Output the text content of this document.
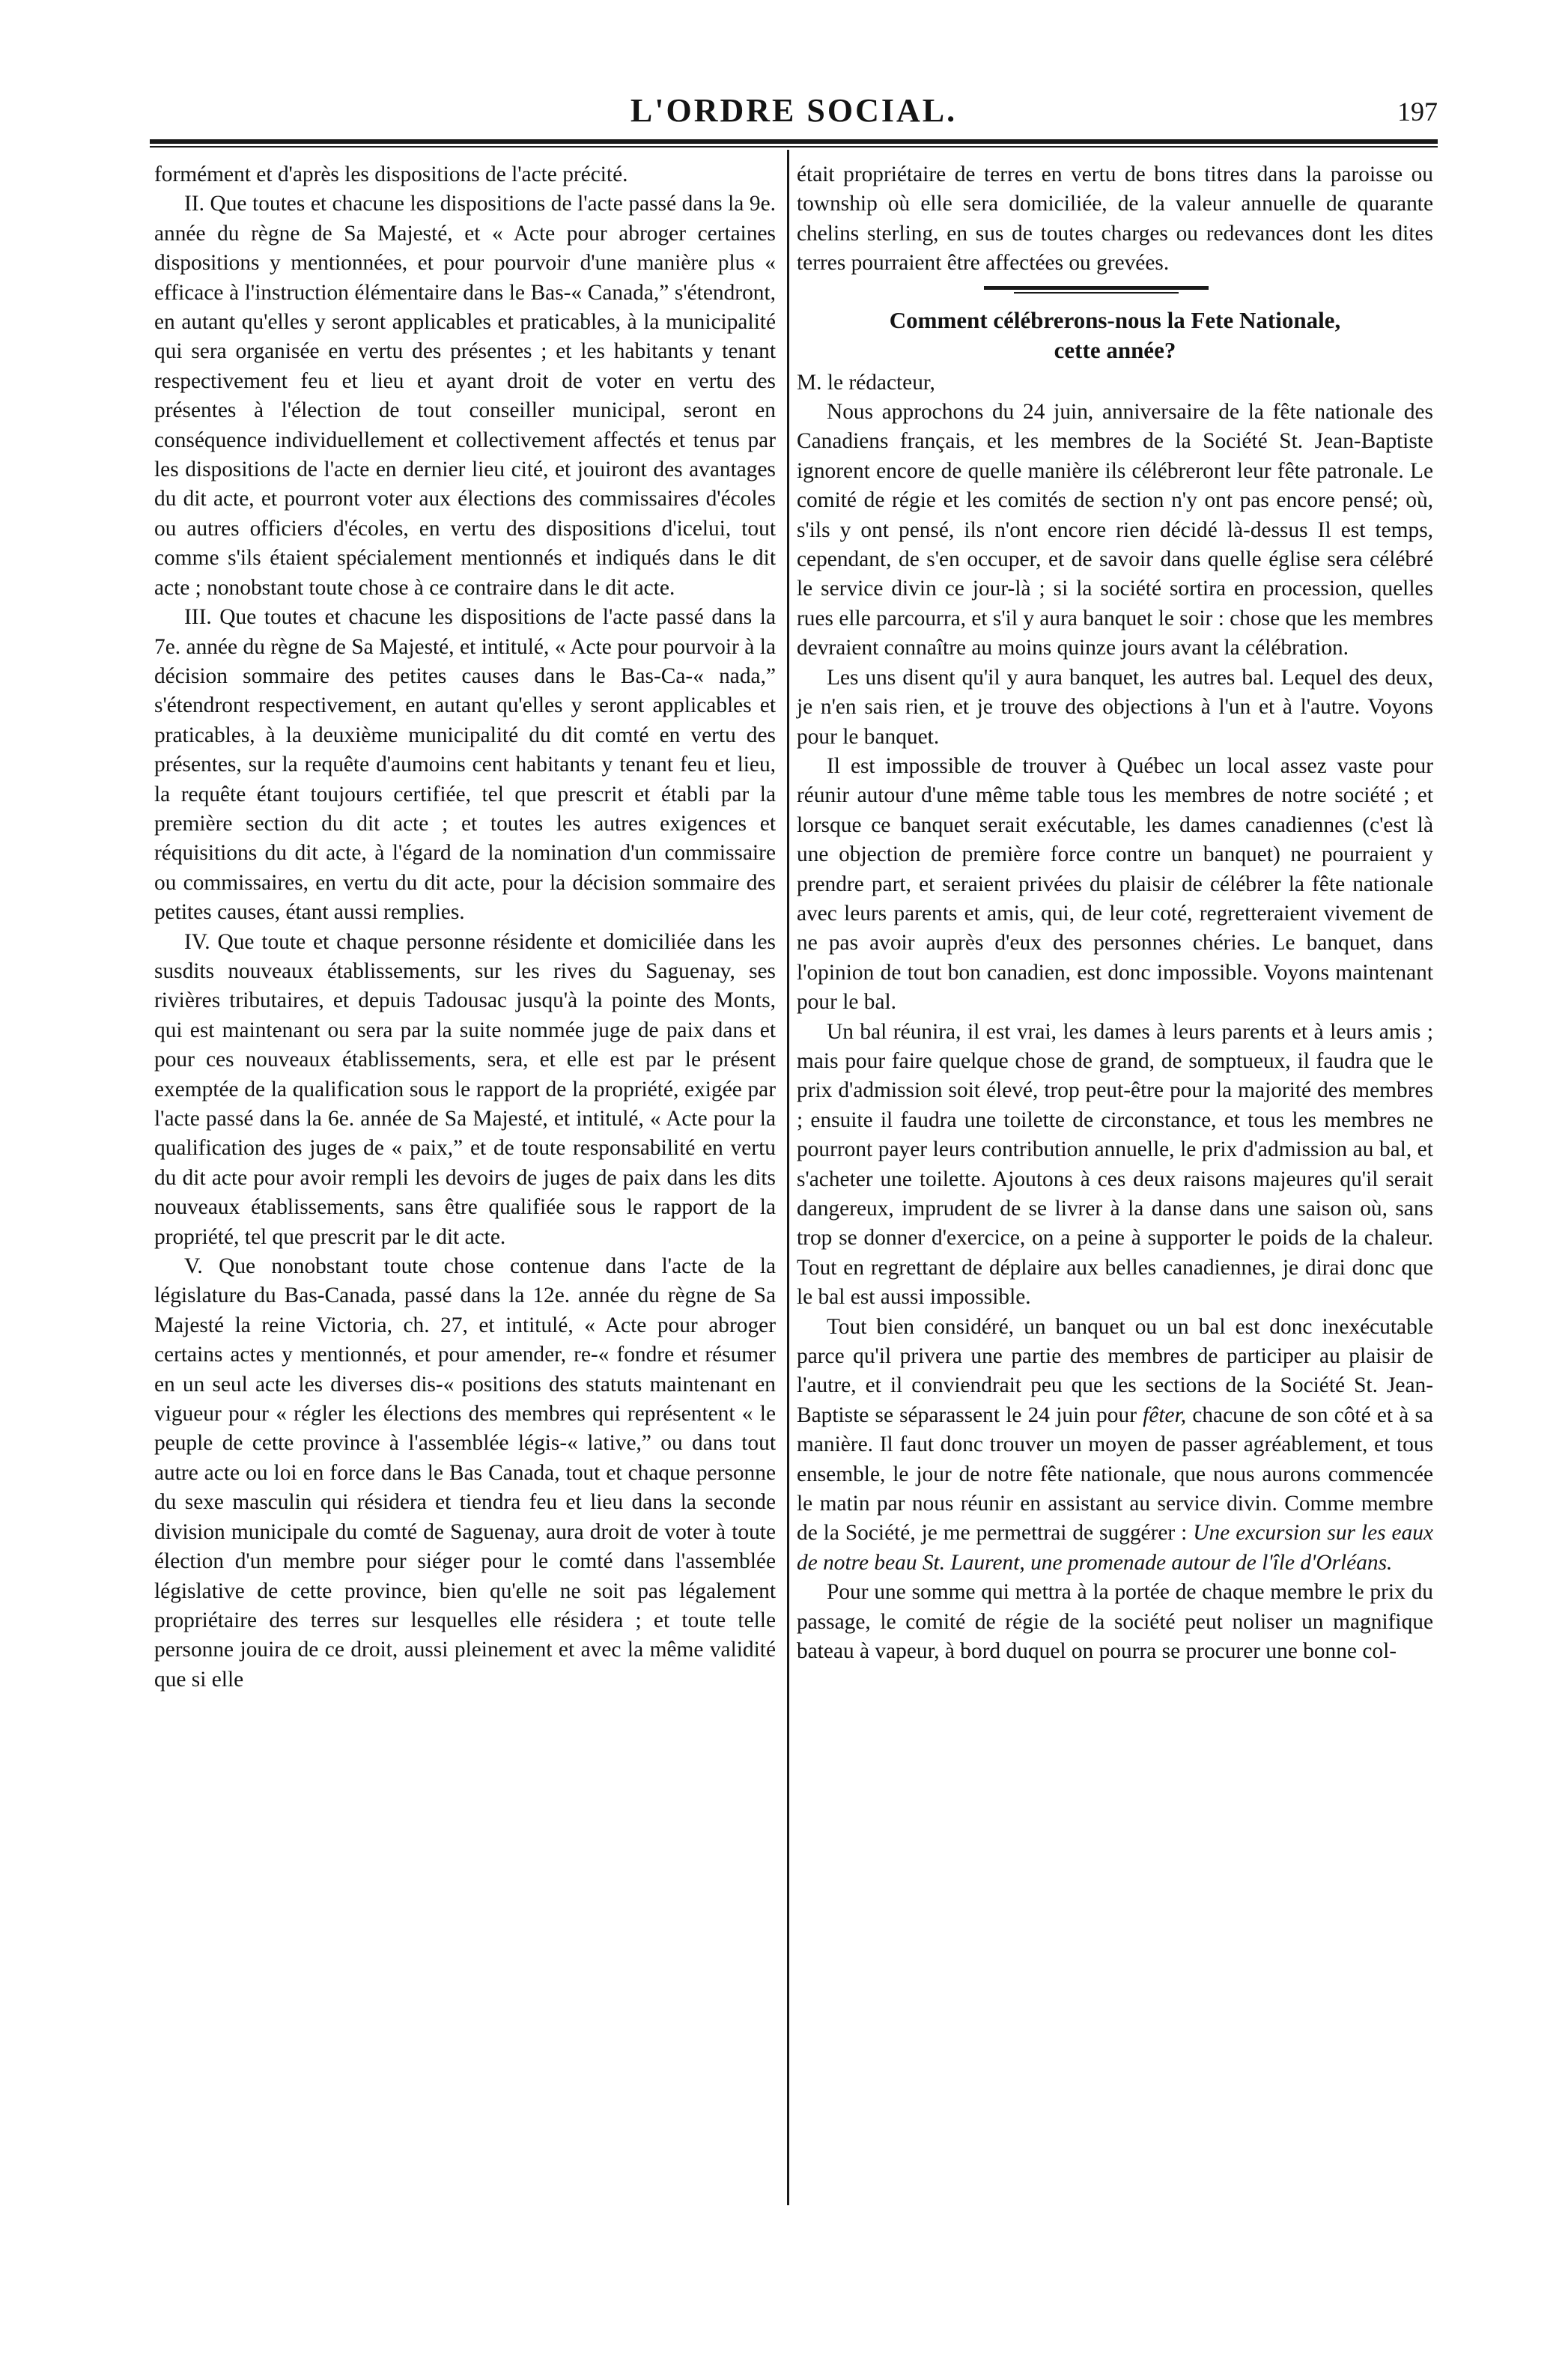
L'ORDRE SOCIAL.	197

formément et d'après les dispositions de l'acte précité.

II. Que toutes et chacune les dispositions de l'acte passé dans la 9e. année du règne de Sa Majesté, et « Acte pour abroger certaines dispositions y mentionnées, et pour pourvoir d'une manière plus « efficace à l'instruction élémentaire dans le Bas-« Canada,” s'étendront, en autant qu'elles y seront applicables et praticables, à la municipalité qui sera organisée en vertu des présentes ; et les habitants y tenant respectivement feu et lieu et ayant droit de voter en vertu des présentes à l'élection de tout conseiller municipal, seront en conséquence individuellement et collectivement affectés et tenus par les dispositions de l'acte en dernier lieu cité, et jouiront des avantages du dit acte, et pourront voter aux élections des commissaires d'écoles ou autres officiers d'écoles, en vertu des dispositions d'icelui, tout comme s'ils étaient spécialement mentionnés et indiqués dans le dit acte ; nonobstant toute chose à ce contraire dans le dit acte.

III. Que toutes et chacune les dispositions de l'acte passé dans la 7e. année du règne de Sa Majesté, et intitulé, « Acte pour pourvoir à la décision sommaire des petites causes dans le Bas-Ca-« nada,” s'étendront respectivement, en autant qu'elles y seront applicables et praticables, à la deuxième municipalité du dit comté en vertu des présentes, sur la requête d'aumoins cent habitants y tenant feu et lieu, la requête étant toujours certifiée, tel que prescrit et établi par la première section du dit acte ; et toutes les autres exigences et réquisitions du dit acte, à l'égard de la nomination d'un commissaire ou commissaires, en vertu du dit acte, pour la décision sommaire des petites causes, étant aussi remplies.

IV. Que toute et chaque personne résidente et domiciliée dans les susdits nouveaux établissements, sur les rives du Saguenay, ses rivières tributaires, et depuis Tadousac jusqu'à la pointe des Monts, qui est maintenant ou sera par la suite nommée juge de paix dans et pour ces nouveaux établissements, sera, et elle est par le présent exemptée de la qualification sous le rapport de la propriété, exigée par l'acte passé dans la 6e. année de Sa Majesté, et intitulé, « Acte pour la qualification des juges de « paix,” et de toute responsabilité en vertu du dit acte pour avoir rempli les devoirs de juges de paix dans les dits nouveaux établissements, sans être qualifiée sous le rapport de la propriété, tel que prescrit par le dit acte.

V. Que nonobstant toute chose contenue dans l'acte de la législature du Bas-Canada, passé dans la 12e. année du règne de Sa Majesté la reine Victoria, ch. 27, et intitulé, « Acte pour abroger certains actes y mentionnés, et pour amender, re-« fondre et résumer en un seul acte les diverses dis-« positions des statuts maintenant en vigueur pour « régler les élections des membres qui représentent « le peuple de cette province à l'assemblée légis-« lative,” ou dans tout autre acte ou loi en force dans le Bas Canada, tout et chaque personne du sexe masculin qui résidera et tiendra feu et lieu dans la seconde division municipale du comté de Saguenay, aura droit de voter à toute élection d'un membre pour siéger pour le comté dans l'assemblée législative de cette province, bien qu'elle ne soit pas légalement propriétaire des terres sur lesquelles elle résidera ; et toute telle personne jouira de ce droit, aussi pleinement et avec la même validité que si elle

était propriétaire de terres en vertu de bons titres dans la paroisse ou township où elle sera domiciliée, de la valeur annuelle de quarante chelins sterling, en sus de toutes charges ou redevances dont les dites terres pourraient être affectées ou grevées.

Comment célébrerons-nous la Fete Nationale,
cette année?

M. le rédacteur,

Nous approchons du 24 juin, anniversaire de la fête nationale des Canadiens français, et les membres de la Société St. Jean-Baptiste ignorent encore de quelle manière ils célébreront leur fête patronale. Le comité de régie et les comités de section n'y ont pas encore pensé; où, s'ils y ont pensé, ils n'ont encore rien décidé là-dessus Il est temps, cependant, de s'en occuper, et de savoir dans quelle église sera célébré le service divin ce jour-là ; si la société sortira en procession, quelles rues elle parcourra, et s'il y aura banquet le soir : chose que les membres devraient connaître au moins quinze jours avant la célébration.

Les uns disent qu'il y aura banquet, les autres bal. Lequel des deux, je n'en sais rien, et je trouve des objections à l'un et à l'autre. Voyons pour le banquet.

Il est impossible de trouver à Québec un local assez vaste pour réunir autour d'une même table tous les membres de notre société ; et lorsque ce banquet serait exécutable, les dames canadiennes (c'est là une objection de première force contre un banquet) ne pourraient y prendre part, et seraient privées du plaisir de célébrer la fête nationale avec leurs parents et amis, qui, de leur coté, regretteraient vivement de ne pas avoir auprès d'eux des personnes chéries. Le banquet, dans l'opinion de tout bon canadien, est donc impossible. Voyons maintenant pour le bal.

Un bal réunira, il est vrai, les dames à leurs parents et à leurs amis ; mais pour faire quelque chose de grand, de somptueux, il faudra que le prix d'admission soit élevé, trop peut-être pour la majorité des membres ; ensuite il faudra une toilette de circonstance, et tous les membres ne pourront payer leurs contribution annuelle, le prix d'admission au bal, et s'acheter une toilette. Ajoutons à ces deux raisons majeures qu'il serait dangereux, imprudent de se livrer à la danse dans une saison où, sans trop se donner d'exercice, on a peine à supporter le poids de la chaleur. Tout en regrettant de déplaire aux belles canadiennes, je dirai donc que le bal est aussi impossible.

Tout bien considéré, un banquet ou un bal est donc inexécutable parce qu'il privera une partie des membres de participer au plaisir de l'autre, et il conviendrait peu que les sections de la Société St. Jean-Baptiste se séparassent le 24 juin pour fêter, chacune de son côté et à sa manière. Il faut donc trouver un moyen de passer agréablement, et tous ensemble, le jour de notre fête nationale, que nous aurons commencée le matin par nous réunir en assistant au service divin. Comme membre de la Société, je me permettrai de suggérer : Une excursion sur les eaux de notre beau St. Laurent, une promenade autour de l'île d'Orléans.

Pour une somme qui mettra à la portée de chaque membre le prix du passage, le comité de régie de la société peut noliser un magnifique bateau à vapeur, à bord duquel on pourra se procurer une bonne col-
